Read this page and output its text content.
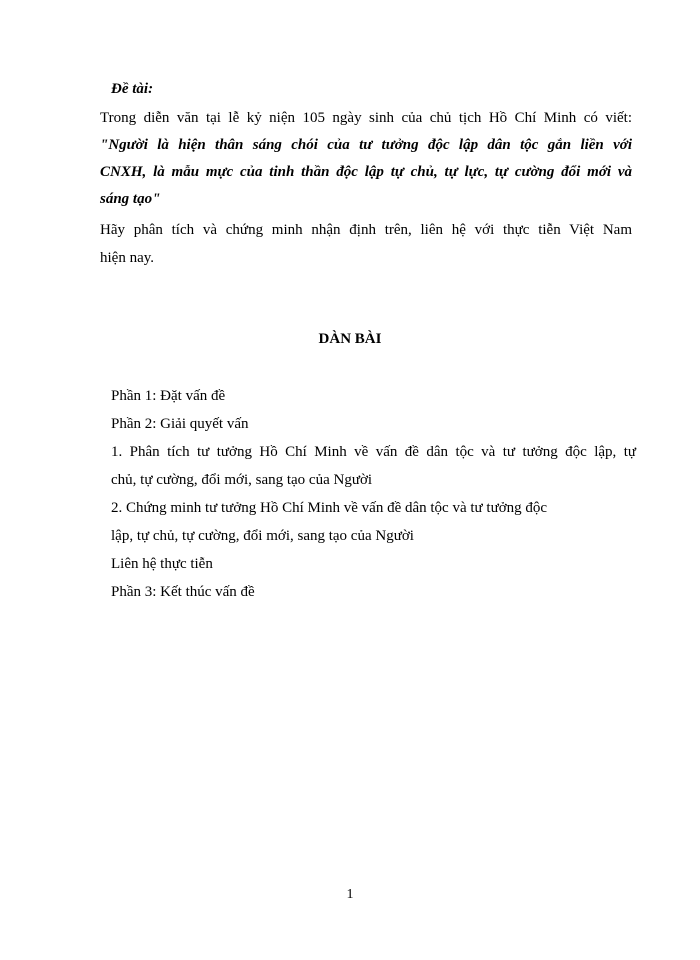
Đề tài:
Trong diễn văn tại lễ kỷ niện 105 ngày sinh của chủ tịch Hồ Chí Minh có viết:
"Người là hiện thân sáng chói của tư tưởng độc lập dân tộc gắn liền với
CNXH, là mẫu mực của tinh thần độc lập tự chủ, tự lực, tự cường đổi mới và
sáng tạo"
Hãy phân tích và chứng minh nhận định trên, liên hệ với thực tiễn Việt Nam
hiện nay.
DÀN BÀI
Phần 1: Đặt vấn đề
Phần 2: Giải quyết vấn
1. Phân tích tư tưởng Hồ Chí Minh về vấn đề dân tộc và tư tưởng độc lập, tự
chủ, tự cường, đổi mới, sang tạo của Người
2. Chứng minh tư tưởng Hồ Chí Minh về vấn đề dân tộc và tư tưởng độc
lập, tự chủ, tự cường, đổi mới, sang tạo của Người
Liên hệ thực tiễn
Phần 3: Kết thúc vấn đề
1
